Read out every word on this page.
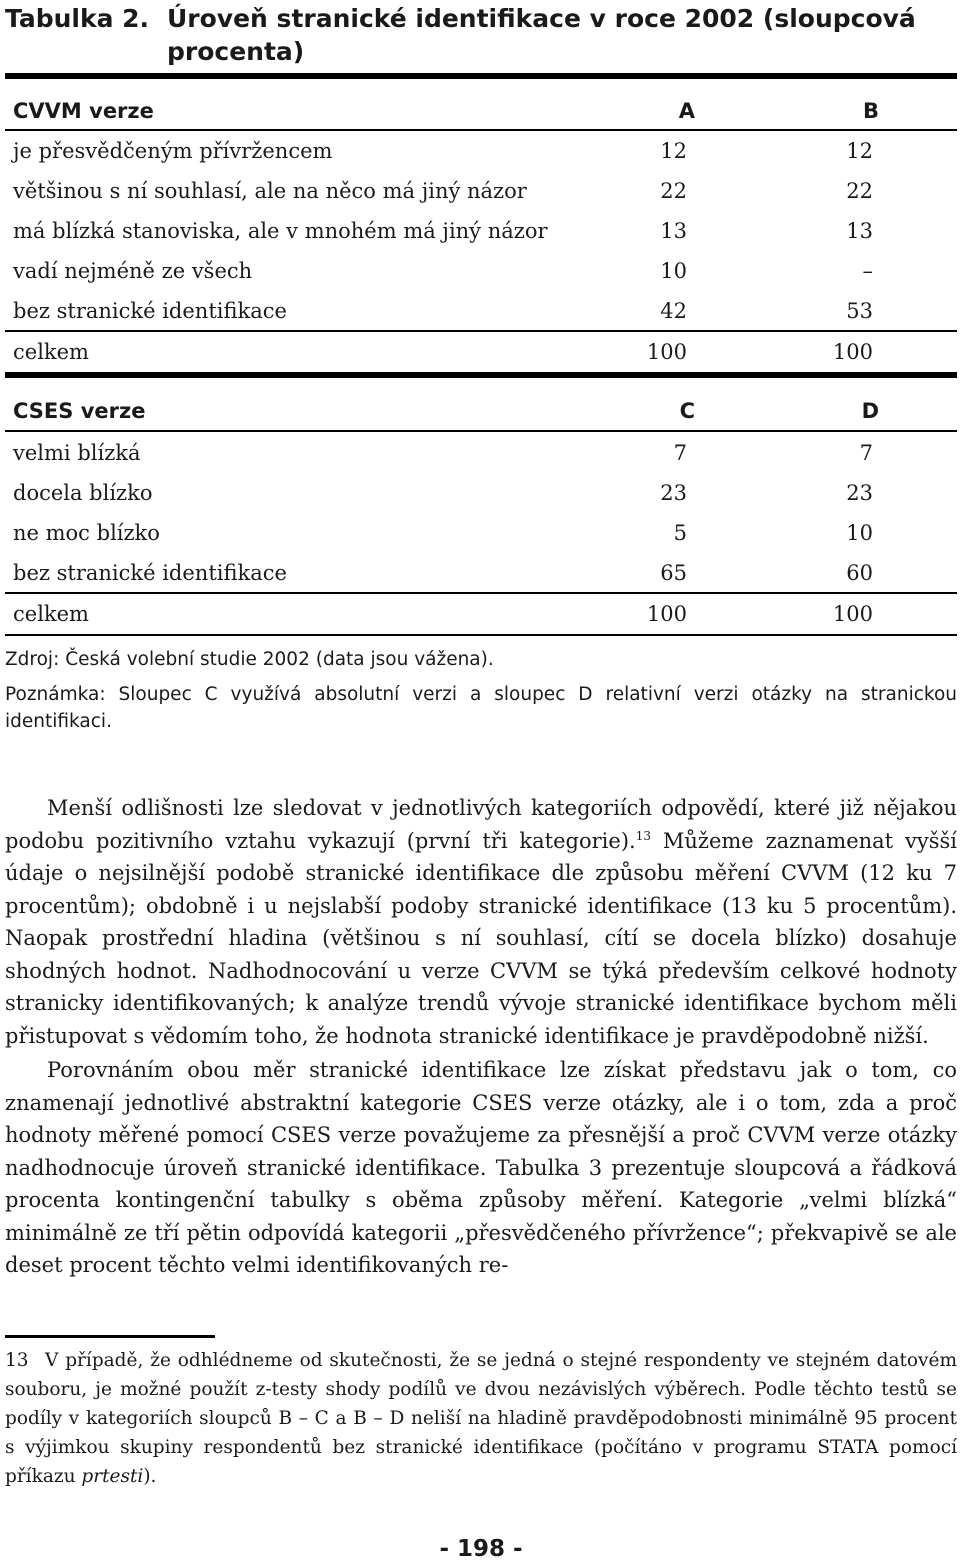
Tabulka 2. Úroveň stranické identifikace v roce 2002 (sloupcová procenta)
CVVM verze	A	B
je přesvědčeným přívržencem	12	12
většinou s ní souhlasí, ale na něco má jiný názor	22	22
má blízká stanoviska, ale v mnohém má jiný názor	13	13
vadí nejméně ze všech	10	–
bez stranické identifikace	42	53
celkem	100	100
CSES verze	C	D
velmi blízká	7	7
docela blízko	23	23
ne moc blízko	5	10
bez stranické identifikace	65	60
celkem	100	100
Zdroj: Česká volební studie 2002 (data jsou vážena).
Poznámka: Sloupec C využívá absolutní verzi a sloupec D relativní verzi otázky na stranickou identifikaci.

Menší odlišnosti lze sledovat v jednotlivých kategoriích odpovědí, které již nějakou podobu pozitivního vztahu vykazují (první tři kategorie).$^{13}$ Můžeme zaznamenat vyšší údaje o nejsilnější podobě stranické identifikace dle způsobu měření CVVM (12 ku 7 procentům); obdobně i u nejslabší podoby stranické identifikace (13 ku 5 procentům). Naopak prostřední hladina (většinou s ní souhlasí, cítí se docela blízko) dosahuje shodných hodnot. Nadhodnocování u verze CVVM se týká především celkové hodnoty stranicky identifikovaných; k analýze trendů vývoje stranické identifikace bychom měli přistupovat s vědomím toho, že hodnota stranické identifikace je pravděpodobně nižší.

Porovnáním obou měr stranické identifikace lze získat představu jak o tom, co znamenají jednotlivé abstraktní kategorie CSES verze otázky, ale i o tom, zda a proč hodnoty měřené pomocí CSES verze považujeme za přesnější a proč CVVM verze otázky nadhodnocuje úroveň stranické identifikace. Tabulka 3 prezentuje sloupcová a řádková procenta kontingenční tabulky s oběma způsoby měření. Kategorie „velmi blízká“ minimálně ze tří pětin odpovídá kategorii „přesvědčeného přívržence“; překvapivě se ale deset procent těchto velmi identifikovaných re-

13 V případě, že odhlédneme od skutečnosti, že se jedná o stejné respondenty ve stejném datovém souboru, je možné použít z-testy shody podílů ve dvou nezávislých výběrech. Podle těchto testů se podíly v kategoriích sloupců B – C a B – D neliší na hladině pravděpodobnosti minimálně 95 procent s výjimkou skupiny respondentů bez stranické identifikace (počítáno v programu STATA pomocí příkazu prtesti).
- 198 -
